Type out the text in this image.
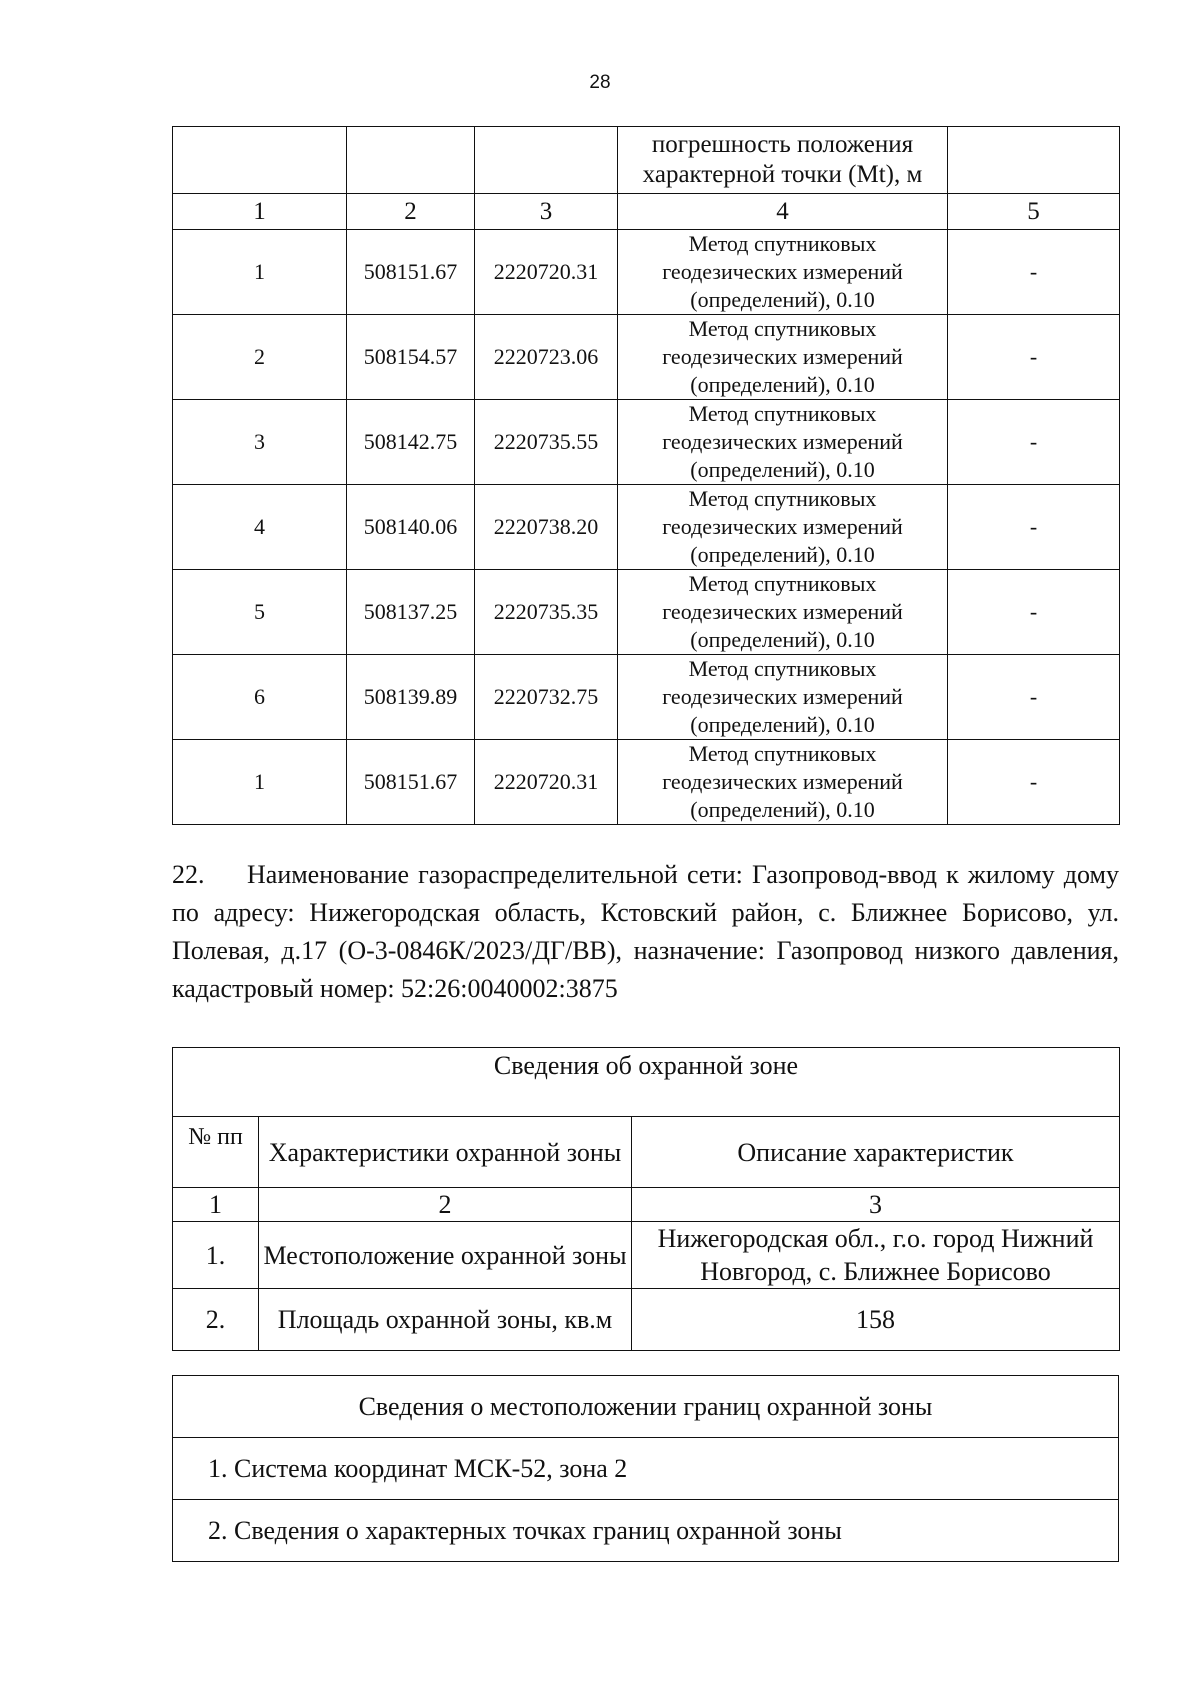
28

			погрешность положения
характерной точки (Mt), м	

1	2	3	4	5
1	508151.67	2220720.31	Метод спутниковых
геодезических измерений
(определений), 0.10	-
2	508154.57	2220723.06	Метод спутниковых
геодезических измерений
(определений), 0.10	-
3	508142.75	2220735.55	Метод спутниковых
геодезических измерений
(определений), 0.10	-
4	508140.06	2220738.20	Метод спутниковых
геодезических измерений
(определений), 0.10	-
5	508137.25	2220735.35	Метод спутниковых
геодезических измерений
(определений), 0.10	-
6	508139.89	2220732.75	Метод спутниковых
геодезических измерений
(определений), 0.10	-
1	508151.67	2220720.31	Метод спутниковых
геодезических измерений
(определений), 0.10	-
22. Наименование газораспределительной сети: Газопровод-ввод к жилому дому по адресу: Нижегородская область, Кстовский район, с. Ближнее Борисово, ул. Полевая, д.17 (О-3-0846К/2023/ДГ/ВВ), назначение: Газопровод низкого давления, кадастровый номер: 52:26:0040002:3875
Сведения об охранной зоне		
№ пп	Характеристики охранной зоны	Описание характеристик
1	2	3
1.	Местоположение охранной зоны	Нижегородская обл., г.о. город Нижний Новгород, с. Ближнее Борисово
2.	Площадь охранной зоны, кв.м	158
Сведения о местоположении границ охранной зоны
1. Система координат МСК-52, зона 2
2. Сведения о характерных точках границ охранной зоны
